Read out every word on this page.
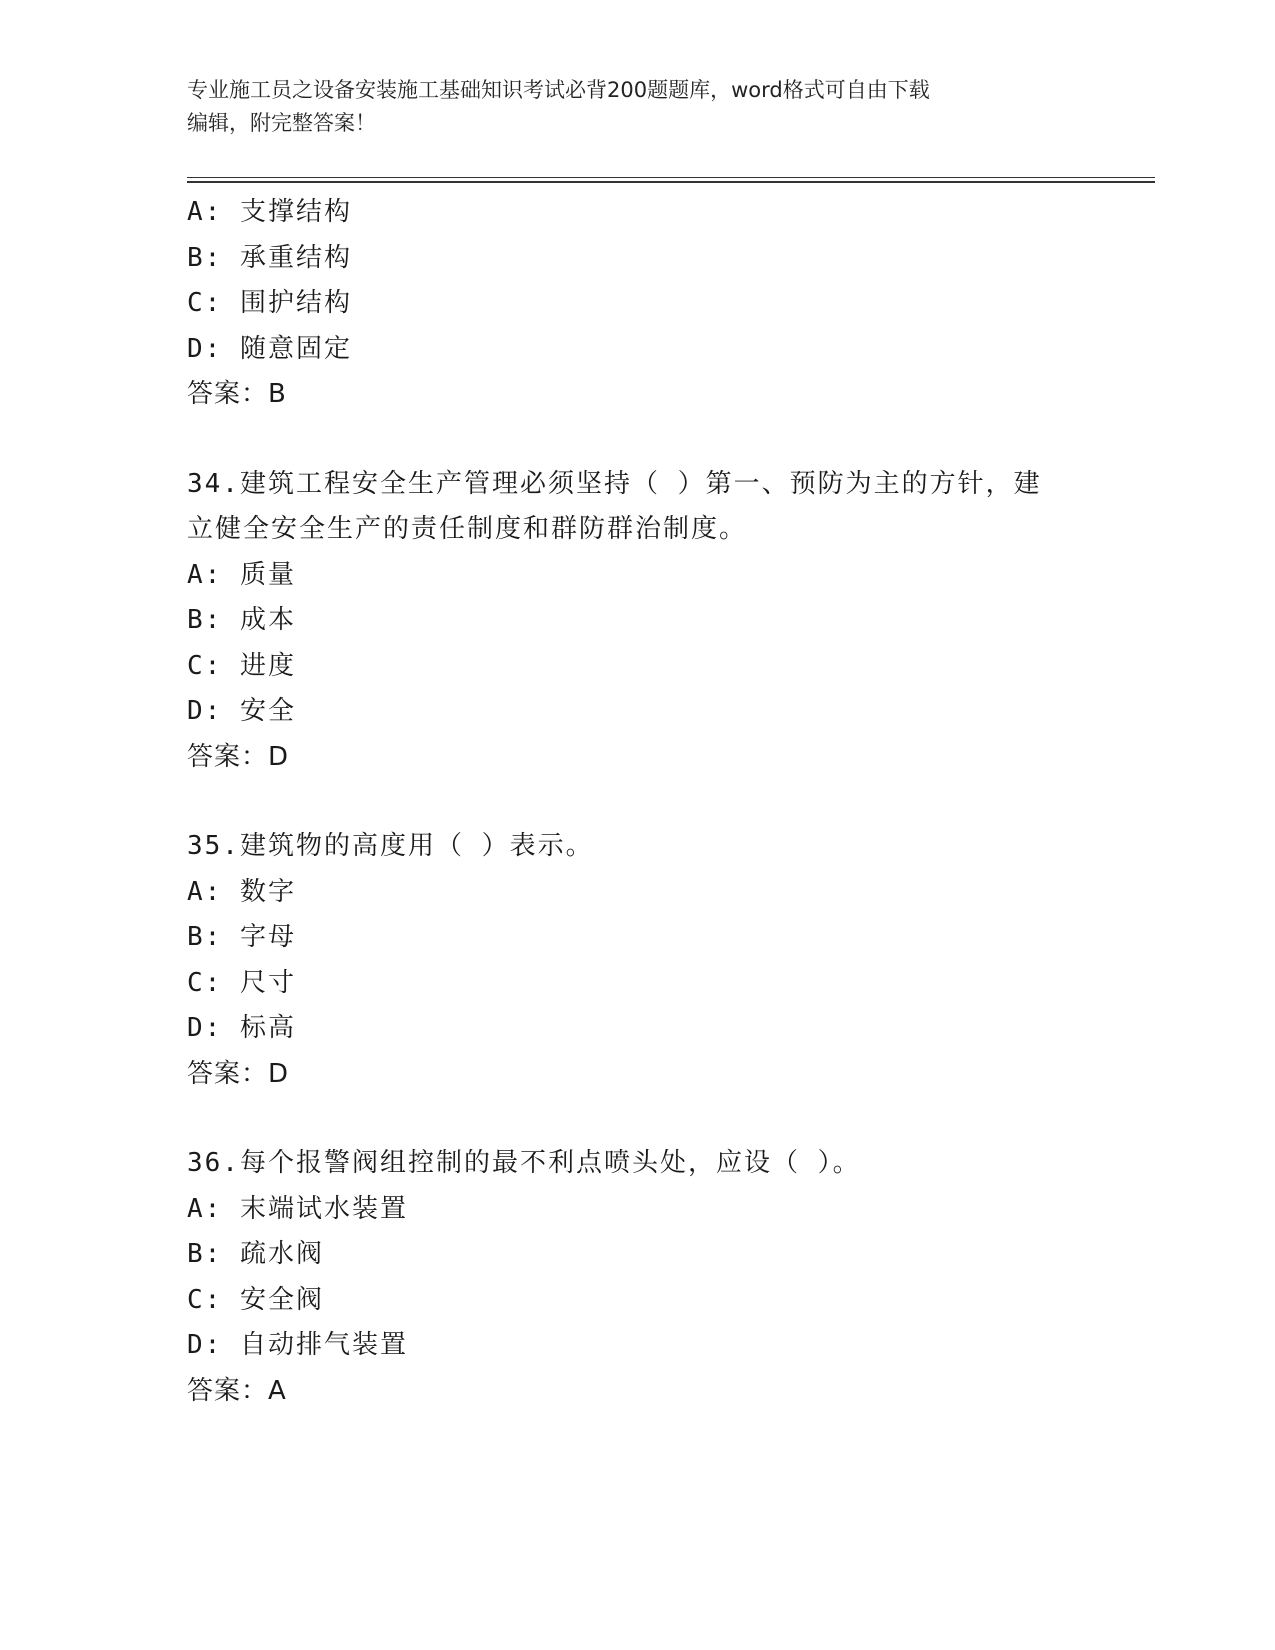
专业施工员之设备安装施工基础知识考试必背200题题库，word格式可自由下载
编辑，附完整答案！
A: 支撑结构
B: 承重结构
C: 围护结构
D: 随意固定
答案：B
34.建筑工程安全生产管理必须坚持（ ）第一、预防为主的方针，建
立健全安全生产的责任制度和群防群治制度。
A: 质量
B: 成本
C: 进度
D: 安全
答案：D
35.建筑物的高度用（ ）表示。
A: 数字
B: 字母
C: 尺寸
D: 标高
答案：D
36.每个报警阀组控制的最不利点喷头处，应设（ ）。
A: 末端试水装置
B: 疏水阀
C: 安全阀
D: 自动排气装置
答案：A
